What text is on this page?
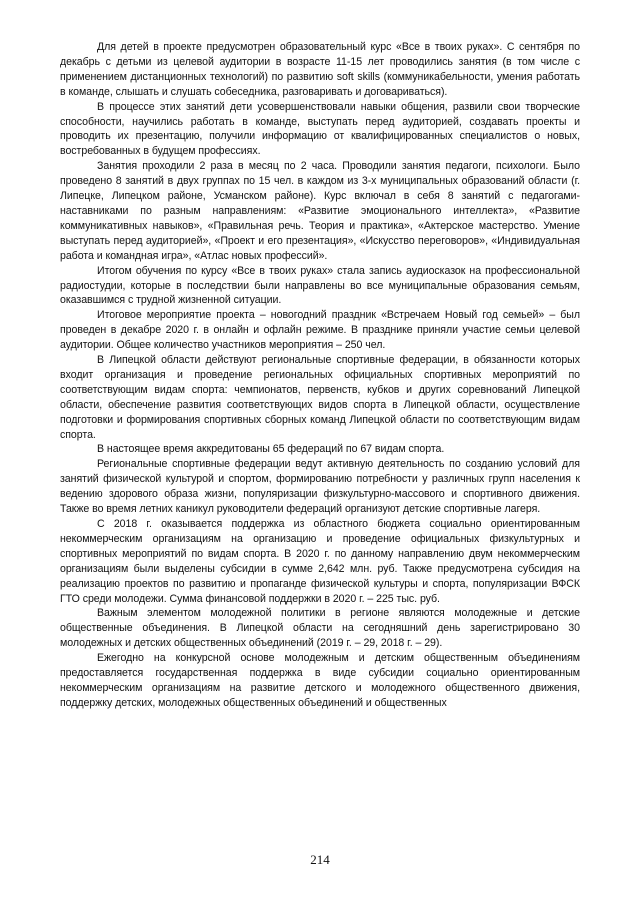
Для детей в проекте предусмотрен образовательный курс «Все в твоих руках». С сентября по декабрь с детьми из целевой аудитории в возрасте 11-15 лет проводились занятия (в том числе с применением дистанционных технологий) по развитию soft skills (коммуникабельности, умения работать в команде, слышать и слушать собеседника, разговаривать и договариваться).

В процессе этих занятий дети усовершенствовали навыки общения, развили свои творческие способности, научились работать в команде, выступать перед аудиторией, создавать проекты и проводить их презентацию, получили информацию от квалифицированных специалистов о новых, востребованных в будущем профессиях.

Занятия проходили 2 раза в месяц по 2 часа. Проводили занятия педагоги, психологи. Было проведено 8 занятий в двух группах по 15 чел. в каждом из 3-х муниципальных образований области (г. Липецке, Липецком районе, Усманском районе). Курс включал в себя 8 занятий с педагогами-наставниками по разным направлениям: «Развитие эмоционального интеллекта», «Развитие коммуникативных навыков», «Правильная речь. Теория и практика», «Актерское мастерство. Умение выступать перед аудиторией», «Проект и его презентация», «Искусство переговоров», «Индивидуальная работа и командная игра», «Атлас новых профессий».

Итогом обучения по курсу «Все в твоих руках» стала запись аудиосказок на профессиональной радиостудии, которые в последствии были направлены во все муниципальные образования семьям, оказавшимся с трудной жизненной ситуации.

Итоговое мероприятие проекта – новогодний праздник «Встречаем Новый год семьей» – был проведен в декабре 2020 г. в онлайн и офлайн режиме. В празднике приняли участие семьи целевой аудитории. Общее количество участников мероприятия – 250 чел.

В Липецкой области действуют региональные спортивные федерации, в обязанности которых входит организация и проведение региональных официальных спортивных мероприятий по соответствующим видам спорта: чемпионатов, первенств, кубков и других соревнований Липецкой области, обеспечение развития соответствующих видов спорта в Липецкой области, осуществление подготовки и формирования спортивных сборных команд Липецкой области по соответствующим видам спорта.

В настоящее время аккредитованы 65 федераций по 67 видам спорта.

Региональные спортивные федерации ведут активную деятельность по созданию условий для занятий физической культурой и спортом, формированию потребности у различных групп населения к ведению здорового образа жизни, популяризации физкультурно-массового и спортивного движения. Также во время летних каникул руководители федераций организуют детские спортивные лагеря.

С 2018 г. оказывается поддержка из областного бюджета социально ориентированным некоммерческим организациям на организацию и проведение официальных физкультурных и спортивных мероприятий по видам спорта. В 2020 г. по данному направлению двум некоммерческим организациям были выделены субсидии в сумме 2,642 млн. руб. Также предусмотрена субсидия на реализацию проектов по развитию и пропаганде физической культуры и спорта, популяризации ВФСК ГТО среди молодежи. Сумма финансовой поддержки в 2020 г. – 225 тыс. руб.

Важным элементом молодежной политики в регионе являются молодежные и детские общественные объединения. В Липецкой области на сегодняшний день зарегистрировано 30 молодежных и детских общественных объединений (2019 г. – 29, 2018 г. – 29).

Ежегодно на конкурсной основе молодежным и детским общественным объединениям предоставляется государственная поддержка в виде субсидии социально ориентированным некоммерческим организациям на развитие детского и молодежного общественного движения, поддержку детских, молодежных общественных объединений и общественных

214
